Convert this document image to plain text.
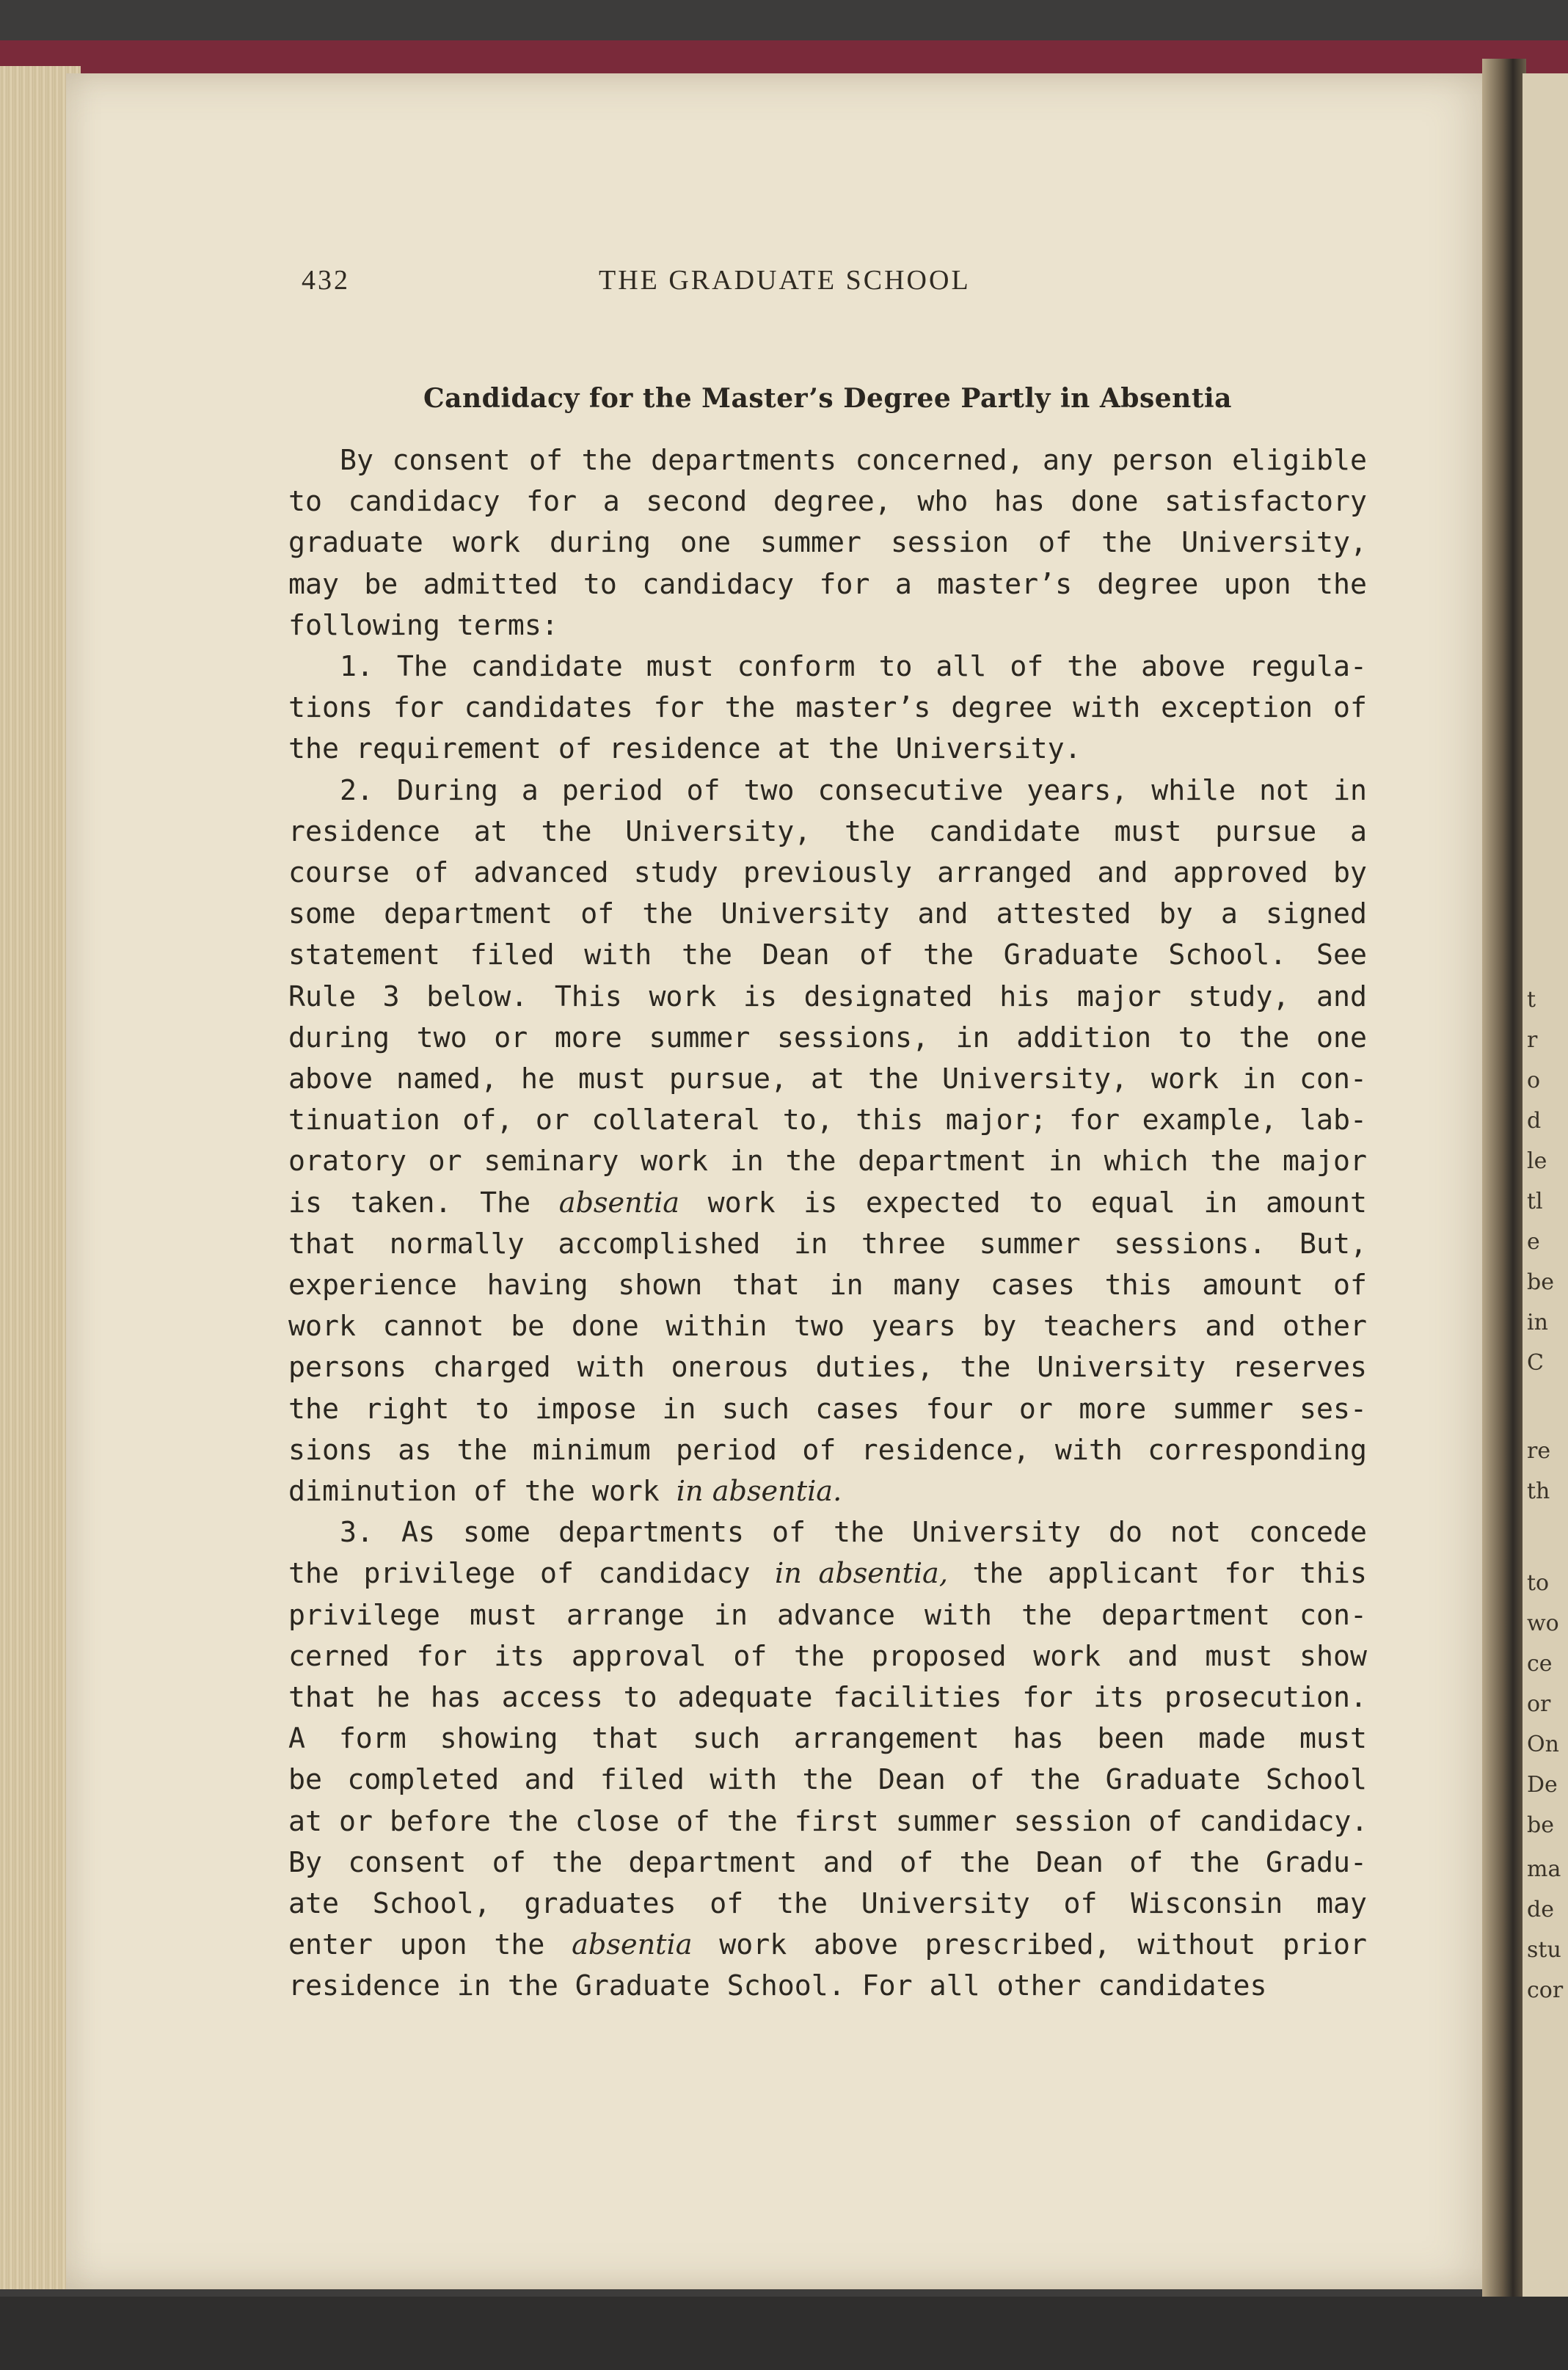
t
r
o
d
le
tl
e
be
in
C
re
th
to
wo
ce
or
On
De
be
ma
de
stu
cor
432	THE GRADUATE SCHOOL
Candidacy for the Master’s Degree Partly in Absentia
By consent of the departments concerned, any person eligible
to candidacy for a second degree, who has done satisfactory
graduate work during one summer session of the University,
may be admitted to candidacy for a master’s degree upon the
following terms:
1. The candidate must conform to all of the above regula-
tions for candidates for the master’s degree with exception of
the requirement of residence at the University.
2. During a period of two consecutive years, while not in
residence at the University, the candidate must pursue a
course of advanced study previously arranged and approved by
some department of the University and attested by a signed
statement filed with the Dean of the Graduate School. See
Rule 3 below. This work is designated his major study, and
during two or more summer sessions, in addition to the one
above named, he must pursue, at the University, work in con-
tinuation of, or collateral to, this major; for example, lab-
oratory or seminary work in the department in which the major
is taken. The absentia work is expected to equal in amount
that normally accomplished in three summer sessions. But,
experience having shown that in many cases this amount of
work cannot be done within two years by teachers and other
persons charged with onerous duties, the University reserves
the right to impose in such cases four or more summer ses-
sions as the minimum period of residence, with corresponding
diminution of the work in absentia.
3. As some departments of the University do not concede
the privilege of candidacy in absentia, the applicant for this
privilege must arrange in advance with the department con-
cerned for its approval of the proposed work and must show
that he has access to adequate facilities for its prosecution.
A form showing that such arrangement has been made must
be completed and filed with the Dean of the Graduate School
at or before the close of the first summer session of candidacy.
By consent of the department and of the Dean of the Gradu-
ate School, graduates of the University of Wisconsin may
enter upon the absentia work above prescribed, without prior
residence in the Graduate School. For all other candidates
